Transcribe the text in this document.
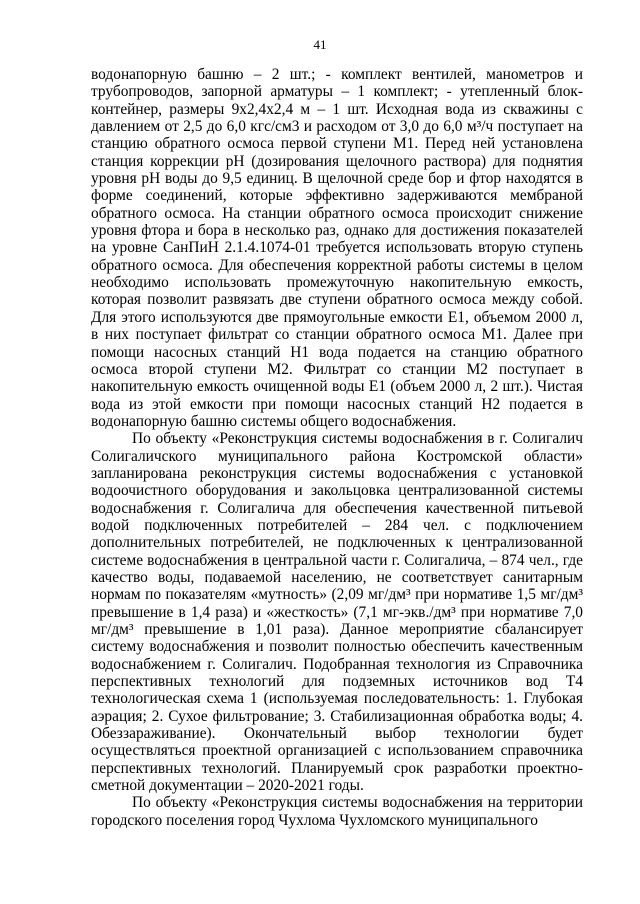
41

водонапорную башню – 2 шт.; - комплект вентилей, манометров и трубопроводов, запорной арматуры – 1 комплект; - утепленный блок-контейнер, размеры 9х2,4х2,4 м – 1 шт. Исходная вода из скважины с давлением от 2,5 до 6,0 кгс/см3 и расходом от 3,0 до 6,0 м³/ч поступает на станцию обратного осмоса первой ступени М1. Перед ней установлена станция коррекции pH (дозирования щелочного раствора) для поднятия уровня pH воды до 9,5 единиц. В щелочной среде бор и фтор находятся в форме соединений, которые эффективно задерживаются мембраной обратного осмоса. На станции обратного осмоса происходит снижение уровня фтора и бора в несколько раз, однако для достижения показателей на уровне СанПиН 2.1.4.1074-01 требуется использовать вторую ступень обратного осмоса. Для обеспечения корректной работы системы в целом необходимо использовать промежуточную накопительную емкость, которая позволит развязать две ступени обратного осмоса между собой. Для этого используются две прямоугольные емкости Е1, объемом 2000 л, в них поступает фильтрат со станции обратного осмоса М1. Далее при помощи насосных станций Н1 вода подается на станцию обратного осмоса второй ступени М2. Фильтрат со станции М2 поступает в накопительную емкость очищенной воды Е1 (объем 2000 л, 2 шт.). Чистая вода из этой емкости при помощи насосных станций Н2 подается в водонапорную башню системы общего водоснабжения.

По объекту «Реконструкция системы водоснабжения в г. Солигалич Солигаличского муниципального района Костромской области» запланирована реконструкция системы водоснабжения с установкой водоочистного оборудования и закольцовка централизованной системы водоснабжения г. Солигалича для обеспечения качественной питьевой водой подключенных потребителей – 284 чел. с подключением дополнительных потребителей, не подключенных к централизованной системе водоснабжения в центральной части г. Солигалича, – 874 чел., где качество воды, подаваемой населению, не соответствует санитарным нормам по показателям «мутность» (2,09 мг/дм³ при нормативе 1,5 мг/дм³ превышение в 1,4 раза) и «жесткость» (7,1 мг-экв./дм³ при нормативе 7,0 мг/дм³ превышение в 1,01 раза). Данное мероприятие сбалансирует систему водоснабжения и позволит полностью обеспечить качественным водоснабжением г. Солигалич. Подобранная технология из Справочника перспективных технологий для подземных источников вод Т4 технологическая схема 1 (используемая последовательность: 1. Глубокая аэрация; 2. Сухое фильтрование; 3. Стабилизационная обработка воды; 4. Обеззараживание). Окончательный выбор технологии будет осуществляться проектной организацией с использованием справочника перспективных технологий. Планируемый срок разработки проектно-сметной документации – 2020-2021 годы.

По объекту «Реконструкция системы водоснабжения на территории городского поселения город Чухлома Чухломского муниципального
